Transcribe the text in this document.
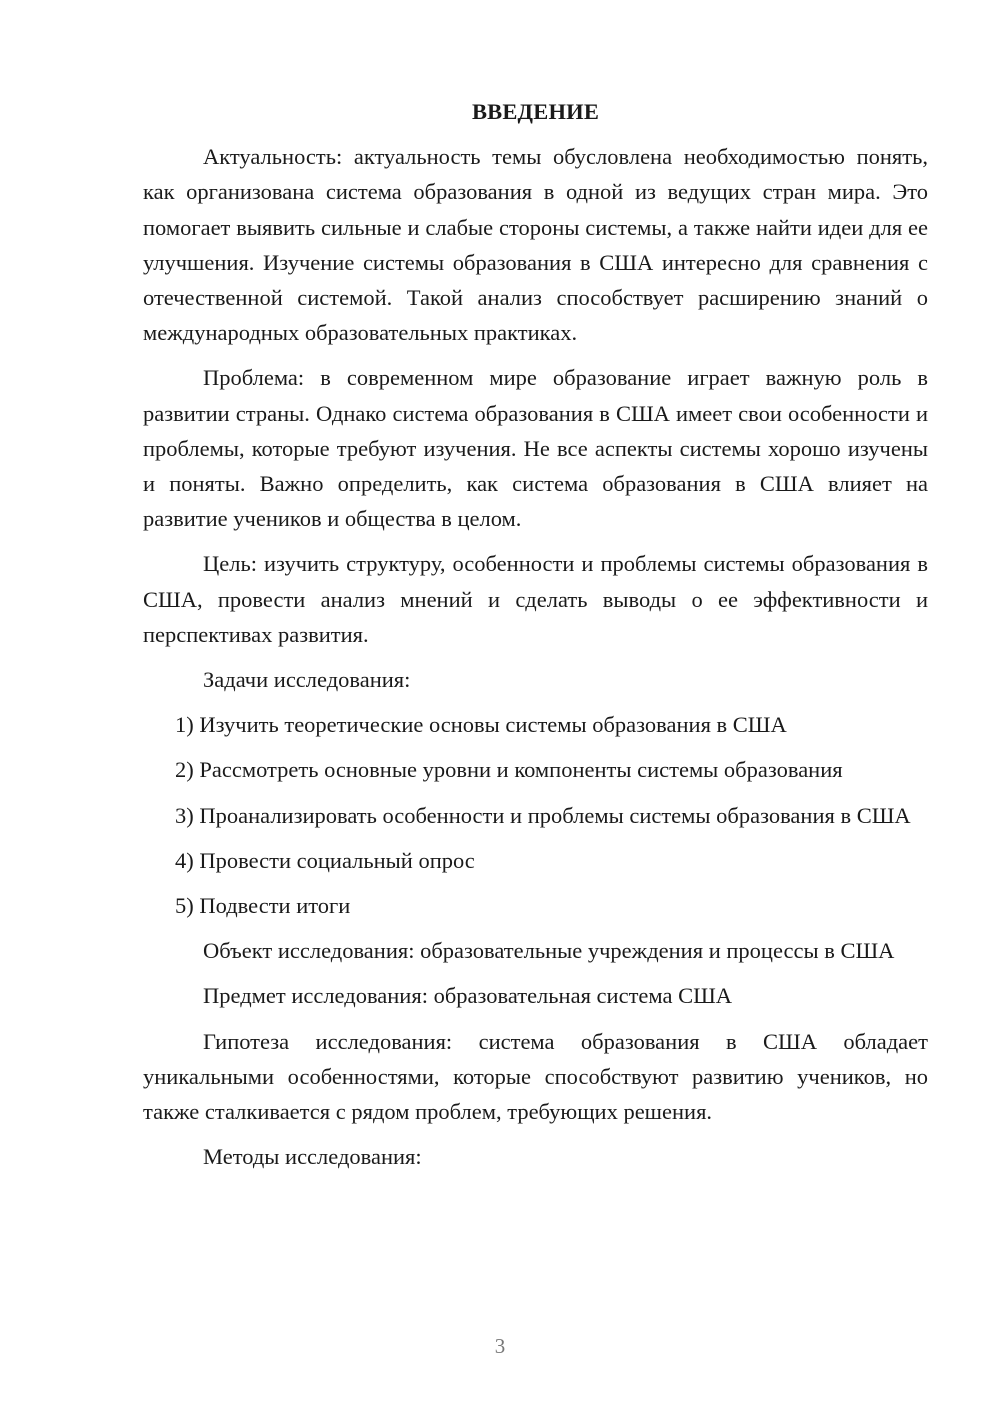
ВВЕДЕНИЕ

Актуальность: актуальность темы обусловлена необходимостью понять, как организована система образования в одной из ведущих стран мира. Это помогает выявить сильные и слабые стороны системы, а также найти идеи для ее улучшения. Изучение системы образования в США интересно для сравнения с отечественной системой. Такой анализ способствует расширению знаний о международных образовательных практиках.

Проблема: в современном мире образование играет важную роль в развитии страны. Однако система образования в США имеет свои особенности и проблемы, которые требуют изучения. Не все аспекты системы хорошо изучены и поняты. Важно определить, как система образования в США влияет на развитие учеников и общества в целом.

Цель: изучить структуру, особенности и проблемы системы образования в США, провести анализ мнений и сделать выводы о ее эффективности и перспективах развития.

Задачи исследования:

1) Изучить теоретические основы системы образования в США

2) Рассмотреть основные уровни и компоненты системы образования

3) Проанализировать особенности и проблемы системы образования в США

4) Провести социальный опрос

5) Подвести итоги

Объект исследования: образовательные учреждения и процессы в США

Предмет исследования: образовательная система США

Гипотеза исследования: система образования в США обладает уникальными особенностями, которые способствуют развитию учеников, но также сталкивается с рядом проблем, требующих решения.

Методы исследования:

3
